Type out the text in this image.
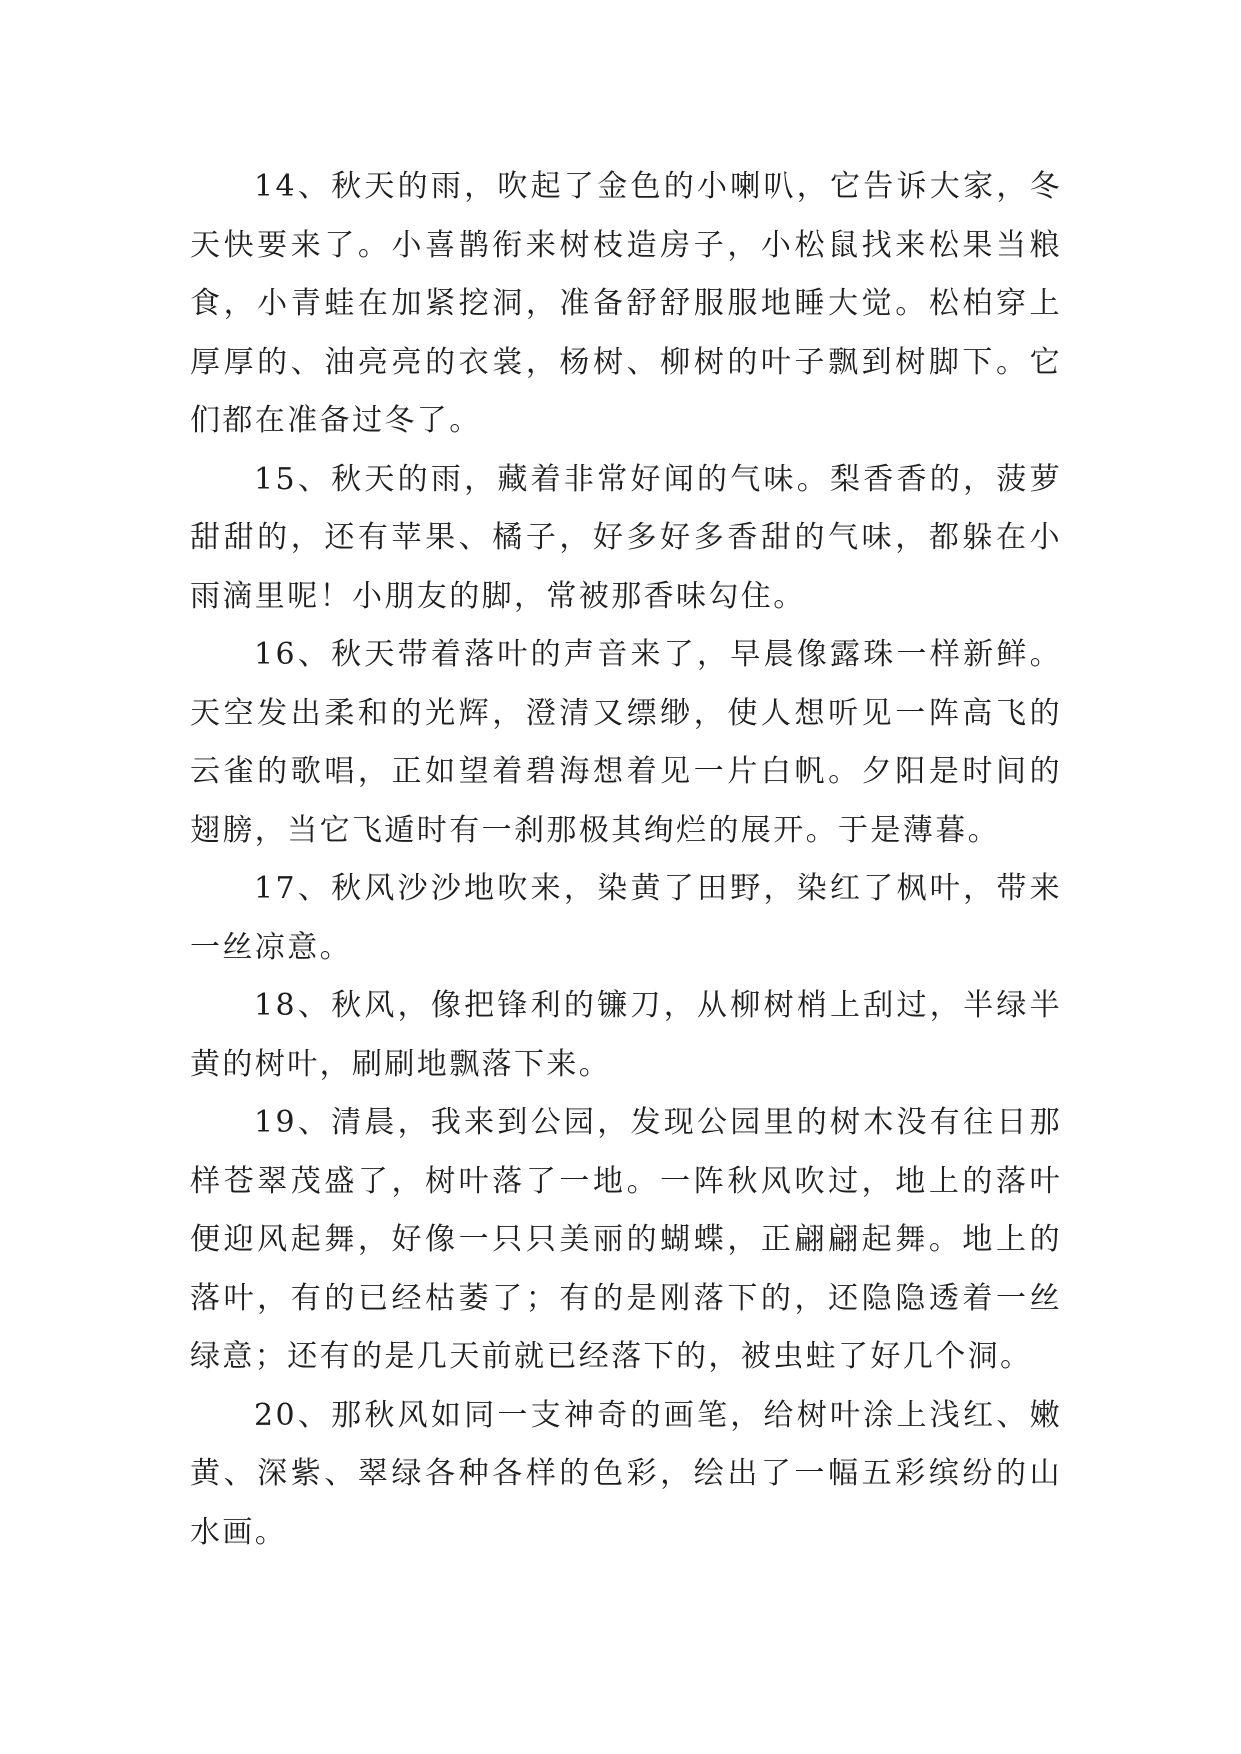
14、秋天的雨，吹起了金色的小喇叭，它告诉大家，冬天快要来了。小喜鹊衔来树枝造房子，小松鼠找来松果当粮食，小青蛙在加紧挖洞，准备舒舒服服地睡大觉。松柏穿上厚厚的、油亮亮的衣裳，杨树、柳树的叶子飘到树脚下。它们都在准备过冬了。

15、秋天的雨，藏着非常好闻的气味。梨香香的，菠萝甜甜的，还有苹果、橘子，好多好多香甜的气味，都躲在小雨滴里呢！小朋友的脚，常被那香味勾住。

16、秋天带着落叶的声音来了，早晨像露珠一样新鲜。天空发出柔和的光辉，澄清又缥缈，使人想听见一阵高飞的云雀的歌唱，正如望着碧海想着见一片白帆。夕阳是时间的翅膀，当它飞遁时有一刹那极其绚烂的展开。于是薄暮。

17、秋风沙沙地吹来，染黄了田野，染红了枫叶，带来一丝凉意。

18、秋风，像把锋利的镰刀，从柳树梢上刮过，半绿半黄的树叶，刷刷地飘落下来。

19、清晨，我来到公园，发现公园里的树木没有往日那样苍翠茂盛了，树叶落了一地。一阵秋风吹过，地上的落叶便迎风起舞，好像一只只美丽的蝴蝶，正翩翩起舞。地上的落叶，有的已经枯萎了；有的是刚落下的，还隐隐透着一丝绿意；还有的是几天前就已经落下的，被虫蛀了好几个洞。

20、那秋风如同一支神奇的画笔，给树叶涂上浅红、嫩黄、深紫、翠绿各种各样的色彩，绘出了一幅五彩缤纷的山水画。
